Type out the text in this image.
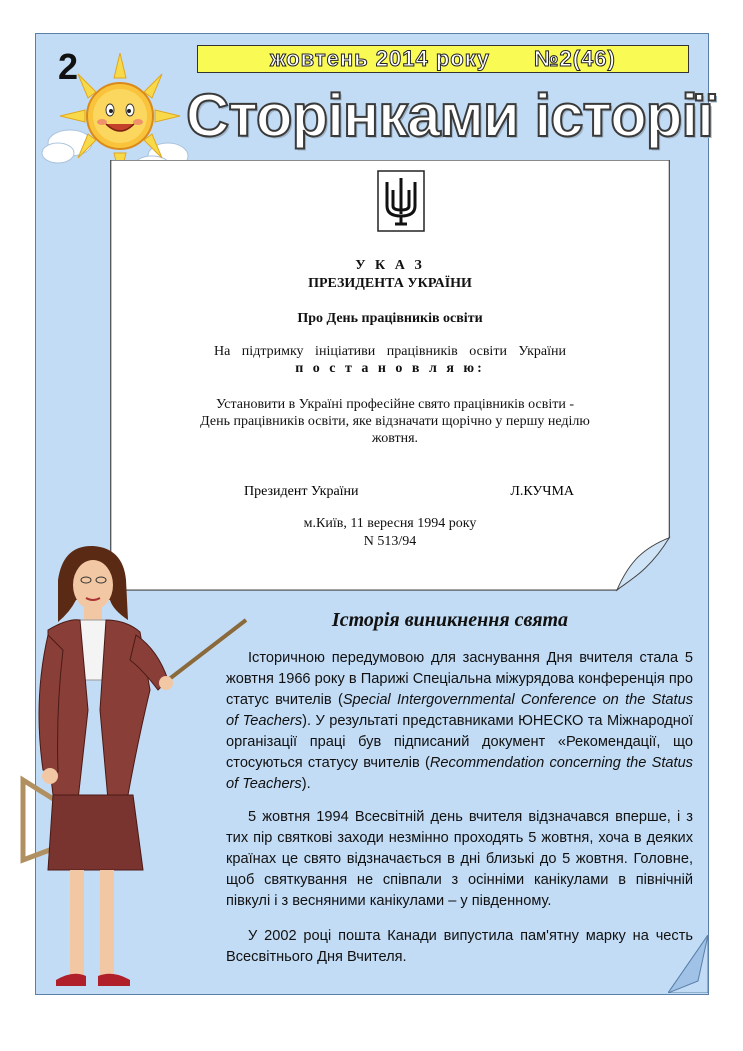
2	жовтень 2014 року №2(46)
Сторінками історії
У К А З
ПРЕЗИДЕНТА УКРАЇНИ
Про День працівників освіти
На підтримку ініціативи працівників освіти України
п о с т а н о в л я ю:
Установити в Україні професійне свято працівників освіти -
День працівників освіти, яке відзначати щорічно у першу неділю
жовтня.
Президент України	Л.КУЧМА
м.Київ, 11 вересня 1994 року
N 513/94
Історія виникнення свята

Історичною передумовою для заснування Дня вчителя стала 5 жовтня 1966 року в Парижі Спеціальна міжурядова конференція про статус вчителів (Special Intergovernmental Conference on the Status of Teachers). У результаті представниками ЮНЕСКО та Міжнародної організації праці був підписаний документ «Рекомендації, що стосуються статусу вчителів (Recommendation concerning the Status of Teachers).

5 жовтня 1994 Всесвітній день вчителя відзначався вперше, і з тих пір святкові заходи незмінно проходять 5 жовтня, хоча в деяких країнах це свято відзначається в дні близькі до 5 жовтня. Головне, щоб святкування не співпали з осінніми канікулами в північній півкулі і з весняними канікулами – у південному.

У 2002 році пошта Канади випустила пам'ятну марку на честь Всесвітнього Дня Вчителя.
